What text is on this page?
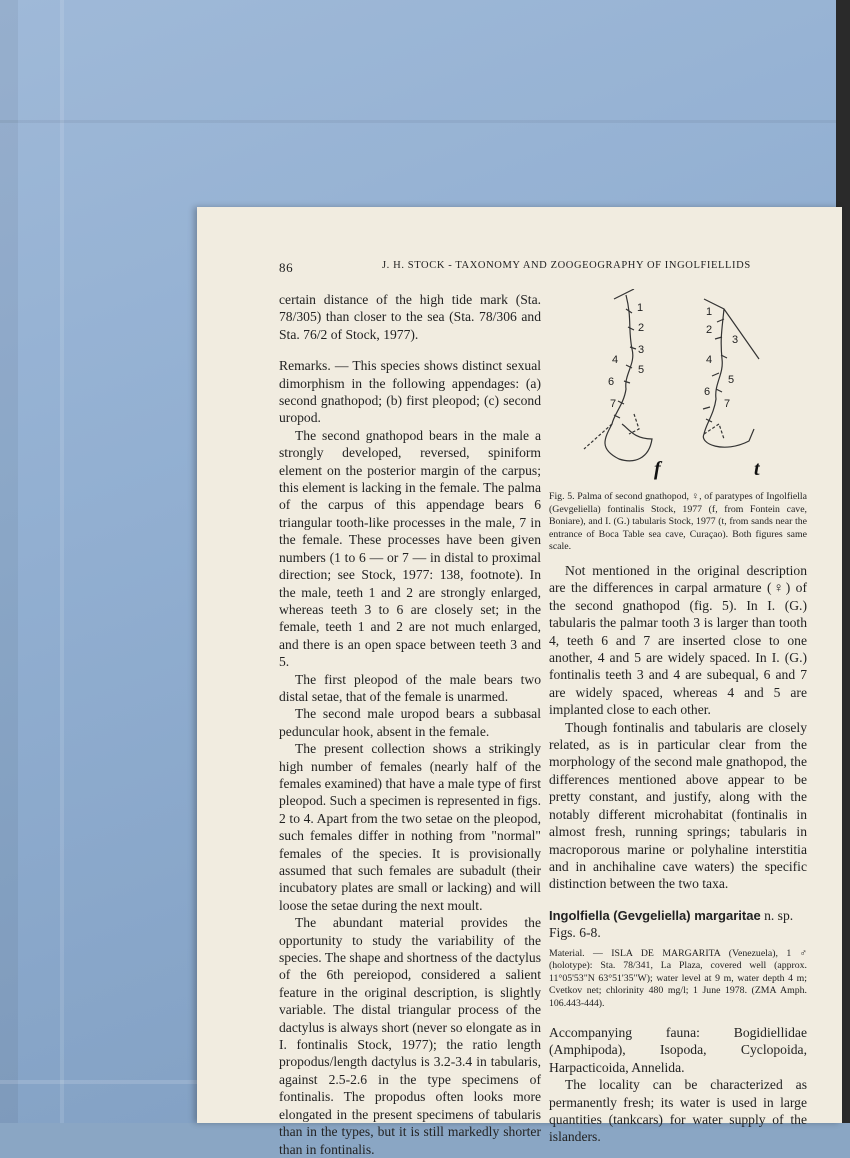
86	J. H. STOCK - TAXONOMY AND ZOOGEOGRAPHY OF INGOLFIELLIDS

certain distance of the high tide mark (Sta. 78/305) than closer to the sea (Sta. 78/306 and Sta. 76/2 of Stock, 1977).

Remarks. — This species shows distinct sexual dimorphism in the following appendages: (a) second gnathopod; (b) first pleopod; (c) second uropod.

The second gnathopod bears in the male a strongly developed, reversed, spiniform element on the posterior margin of the carpus; this element is lacking in the female. The palma of the carpus of this appendage bears 6 triangular tooth-like processes in the male, 7 in the female. These processes have been given numbers (1 to 6 — or 7 — in distal to proximal direction; see Stock, 1977: 138, footnote). In the male, teeth 1 and 2 are strongly enlarged, whereas teeth 3 to 6 are closely set; in the female, teeth 1 and 2 are not much enlarged, and there is an open space between teeth 3 and 5.

The first pleopod of the male bears two distal setae, that of the female is unarmed.

The second male uropod bears a subbasal peduncular hook, absent in the female.

The present collection shows a strikingly high number of females (nearly half of the females examined) that have a male type of first pleopod. Such a specimen is represented in figs. 2 to 4. Apart from the two setae on the pleopod, such females differ in nothing from "normal" females of the species. It is provisionally assumed that such females are subadult (their incubatory plates are small or lacking) and will loose the setae during the next moult.

The abundant material provides the opportunity to study the variability of the species. The shape and shortness of the dactylus of the 6th pereiopod, considered a salient feature in the original description, is slightly variable. The distal triangular process of the dactylus is always short (never so elongate as in I. fontinalis Stock, 1977); the ratio length propodus/length dactylus is 3.2-3.4 in tabularis, against 2.5-2.6 in the type specimens of fontinalis. The propodus often looks more elongated in the present specimens of tabularis than in the types, but it is still markedly shorter than in fontinalis.

1
2
3
4
5
6
7
1
2
3
4
5
6
7
f	t

Fig. 5. Palma of second gnathopod, ♀, of paratypes of Ingolfiella (Gevgeliella) fontinalis Stock, 1977 (f, from Fontein cave, Boniare), and I. (G.) tabularis Stock, 1977 (t, from sands near the entrance of Boca Table sea cave, Curaçao). Both figures same scale.

Not mentioned in the original description are the differences in carpal armature (♀) of the second gnathopod (fig. 5). In I. (G.) tabularis the palmar tooth 3 is larger than tooth 4, teeth 6 and 7 are inserted close to one another, 4 and 5 are widely spaced. In I. (G.) fontinalis teeth 3 and 4 are subequal, 6 and 7 are widely spaced, whereas 4 and 5 are implanted close to each other.

Though fontinalis and tabularis are closely related, as is in particular clear from the morphology of the second male gnathopod, the differences mentioned above appear to be pretty constant, and justify, along with the notably different microhabitat (fontinalis in almost fresh, running springs; tabularis in macroporous marine or polyhaline interstitia and in anchihaline cave waters) the specific distinction between the two taxa.

Ingolfiella (Gevgeliella) margaritae n. sp.

Figs. 6-8.

Material. — ISLA DE MARGARITA (Venezuela), 1 ♂ (holotype): Sta. 78/341, La Plaza, covered well (approx. 11°05'53"N 63°51'35"W); water level at 9 m, water depth 4 m; Cvetkov net; chlorinity 480 mg/l; 1 June 1978. (ZMA Amph. 106.443-444).

Accompanying fauna: Bogidiellidae (Amphipoda), Isopoda, Cyclopoida, Harpacticoida, Annelida.

The locality can be characterized as permanently fresh; its water is used in large quantities (tankcars) for water supply of the islanders.
